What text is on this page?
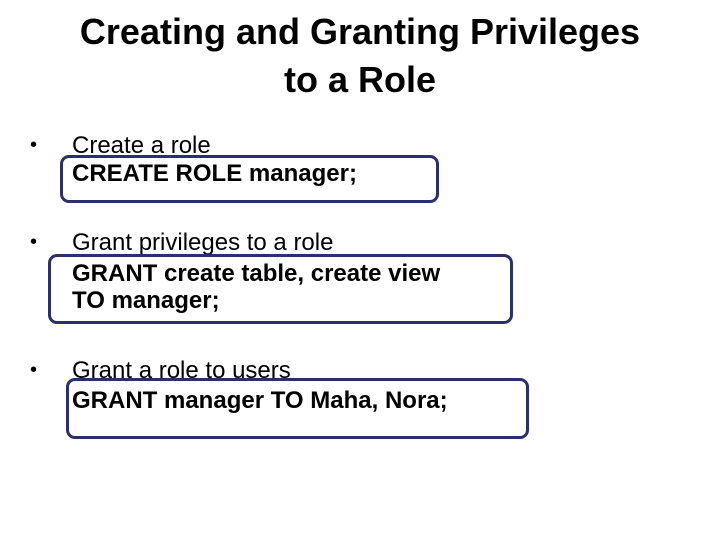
Creating and Granting Privileges
to a Role
• Create a role
CREATE ROLE manager;
• Grant privileges to a role
GRANT create table, create view
TO manager;
• Grant a role to users
GRANT manager TO Maha, Nora;
